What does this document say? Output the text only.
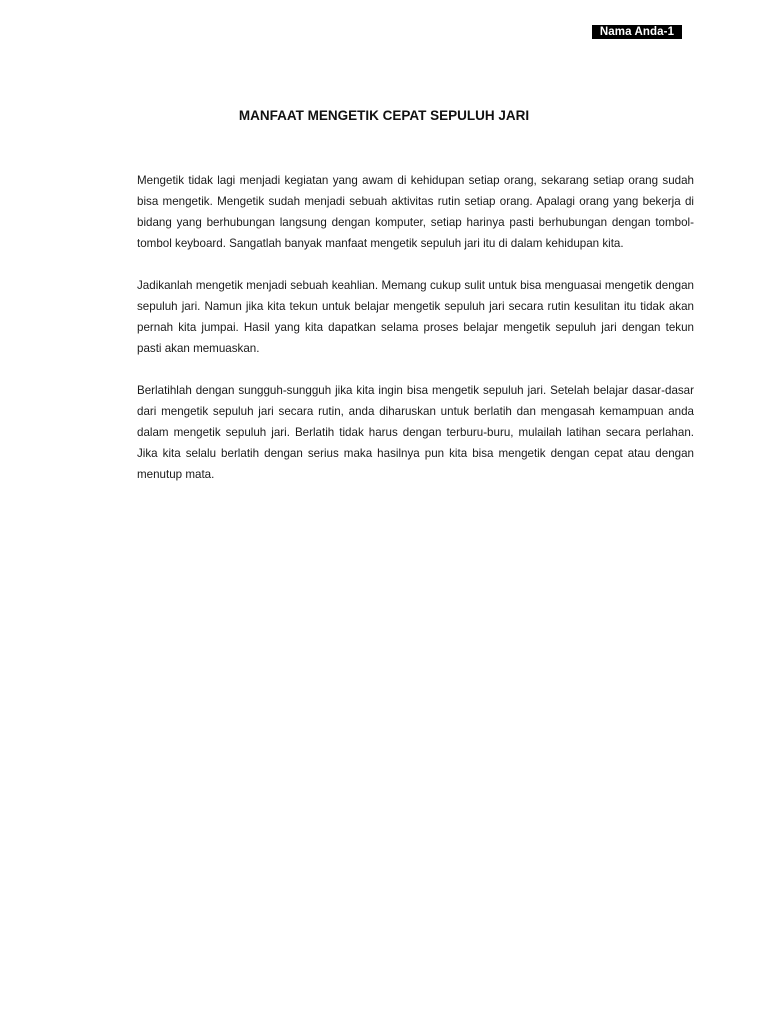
Nama Anda-1
MANFAAT MENGETIK CEPAT SEPULUH JARI

Mengetik tidak lagi menjadi kegiatan yang awam di kehidupan setiap orang, sekarang setiap orang sudah bisa mengetik. Mengetik sudah menjadi sebuah aktivitas rutin setiap orang. Apalagi orang yang bekerja di bidang yang berhubungan langsung dengan komputer, setiap harinya pasti berhubungan dengan tombol-tombol keyboard. Sangatlah banyak manfaat mengetik sepuluh jari itu di dalam kehidupan kita.

Jadikanlah mengetik menjadi sebuah keahlian. Memang cukup sulit untuk bisa menguasai mengetik dengan sepuluh jari. Namun jika kita tekun untuk belajar mengetik sepuluh jari secara rutin kesulitan itu tidak akan pernah kita jumpai. Hasil yang kita dapatkan selama proses belajar mengetik sepuluh jari dengan tekun pasti akan memuaskan.

Berlatihlah dengan sungguh-sungguh jika kita ingin bisa mengetik sepuluh jari. Setelah belajar dasar-dasar dari mengetik sepuluh jari secara rutin, anda diharuskan untuk berlatih dan mengasah kemampuan anda dalam mengetik sepuluh jari. Berlatih tidak harus dengan terburu-buru, mulailah latihan secara perlahan. Jika kita selalu berlatih dengan serius maka hasilnya pun kita bisa mengetik dengan cepat atau dengan menutup mata.
